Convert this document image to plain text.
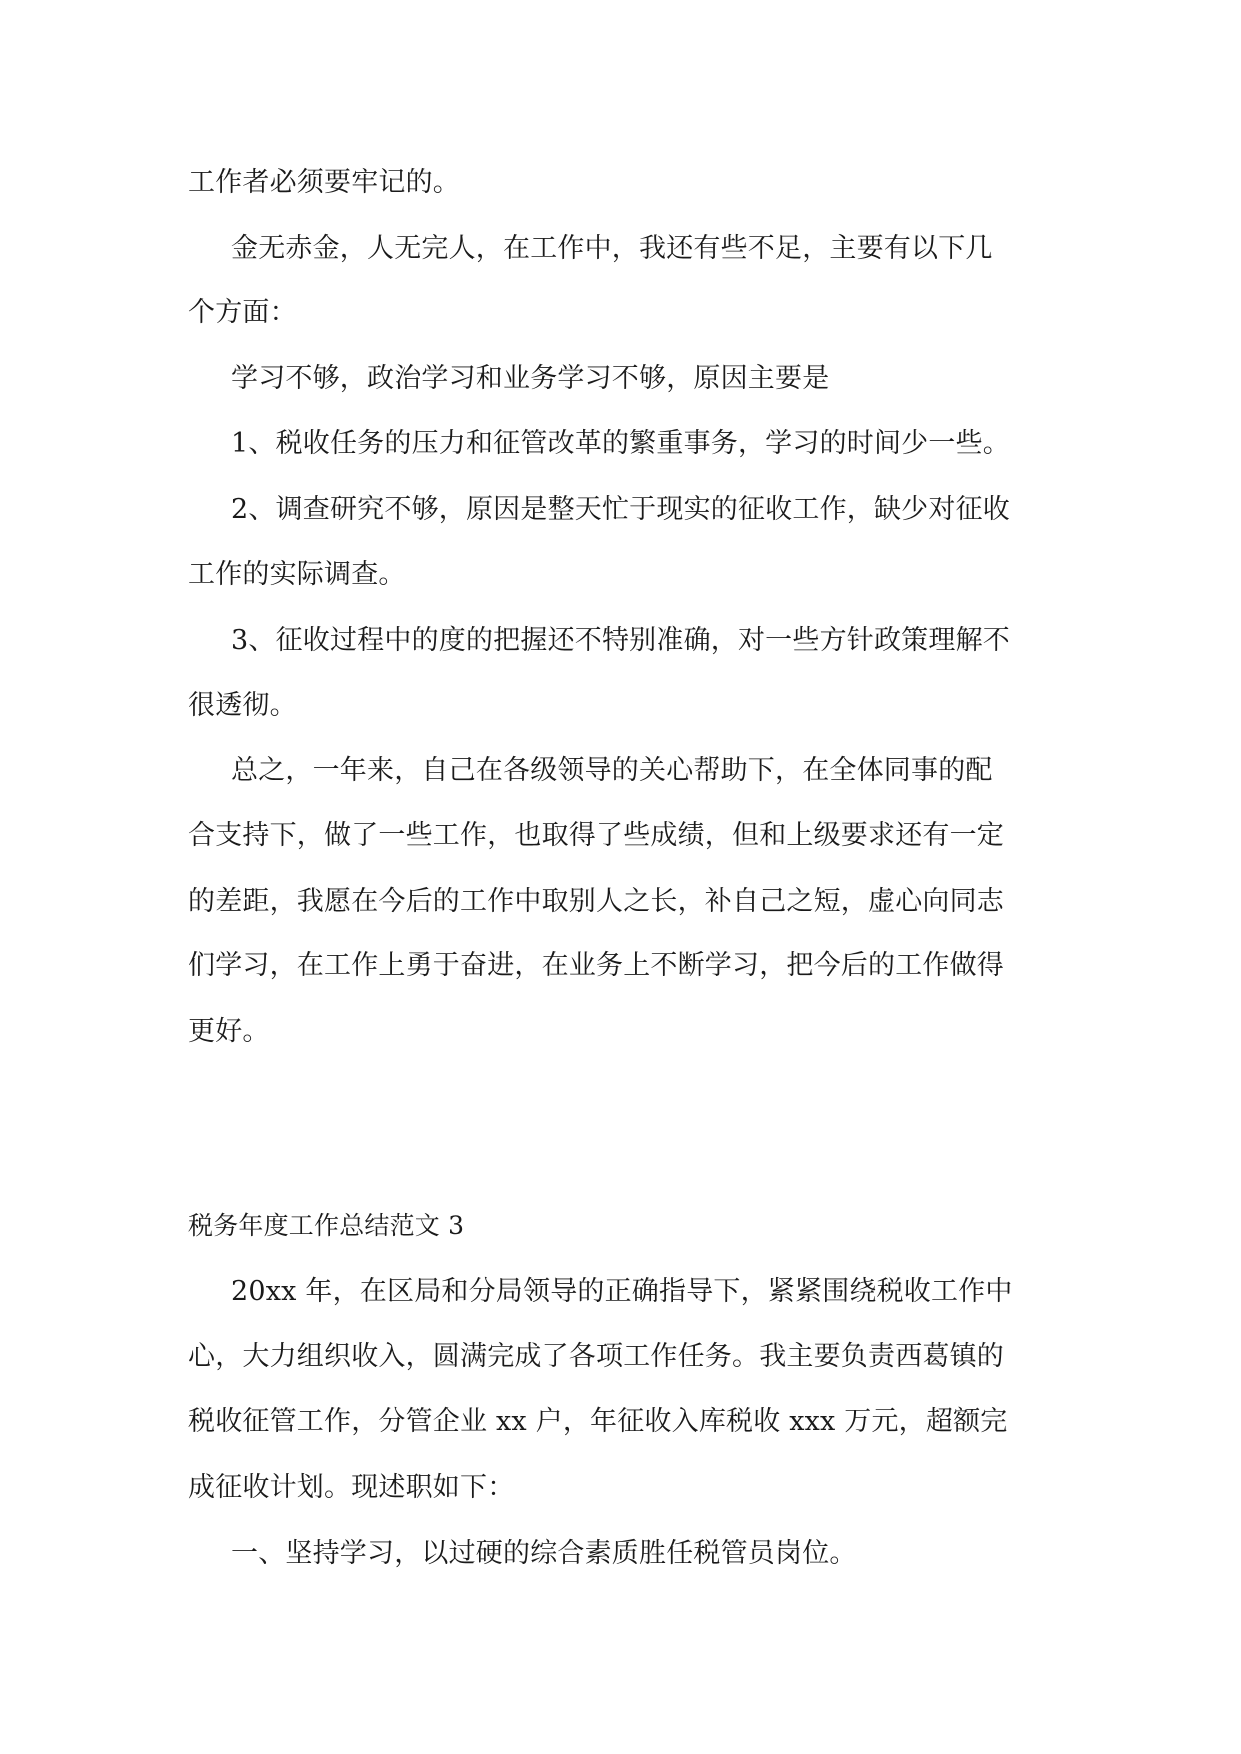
工作者必须要牢记的。

金无赤金，人无完人，在工作中，我还有些不足，主要有以下几

个方面：

学习不够，政治学习和业务学习不够，原因主要是

1、税收任务的压力和征管改革的繁重事务，学习的时间少一些。

2、调查研究不够，原因是整天忙于现实的征收工作，缺少对征收

工作的实际调查。

3、征收过程中的度的把握还不特别准确，对一些方针政策理解不

很透彻。

总之，一年来，自己在各级领导的关心帮助下，在全体同事的配

合支持下，做了一些工作，也取得了些成绩，但和上级要求还有一定

的差距，我愿在今后的工作中取别人之长，补自己之短，虚心向同志

们学习，在工作上勇于奋进，在业务上不断学习，把今后的工作做得

更好。

税务年度工作总结范文 3

20xx 年，在区局和分局领导的正确指导下，紧紧围绕税收工作中

心，大力组织收入，圆满完成了各项工作任务。我主要负责西葛镇的

税收征管工作，分管企业 xx 户，年征收入库税收 xxx 万元，超额完

成征收计划。现述职如下：

一、坚持学习，以过硬的综合素质胜任税管员岗位。
